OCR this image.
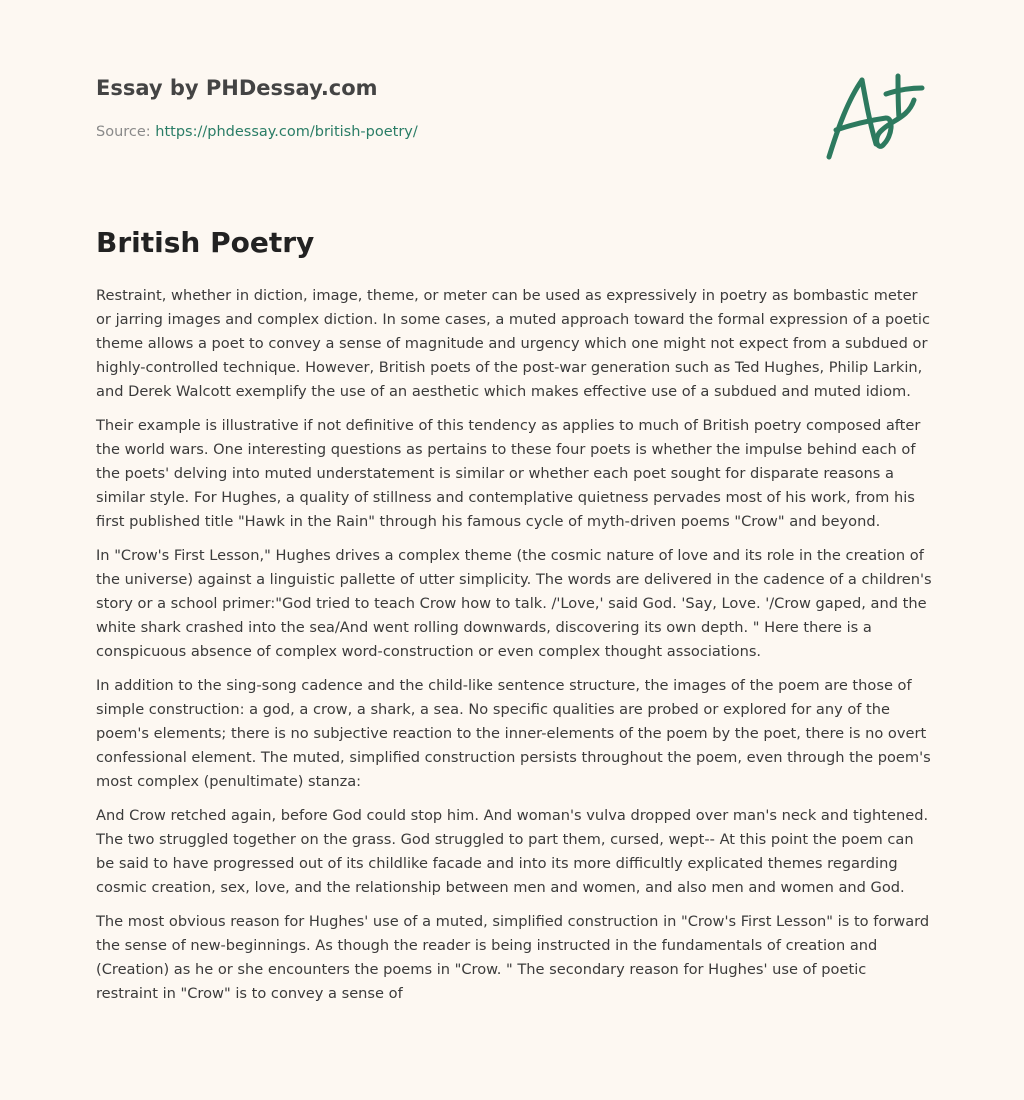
Essay by PHDessay.com
Source: https://phdessay.com/british-poetry/
British Poetry

Restraint, whether in diction, image, theme, or meter can be used as expressively in poetry as bombastic meter or jarring images and complex diction. In some cases, a muted approach toward the formal expression of a poetic theme allows a poet to convey a sense of magnitude and urgency which one might not expect from a subdued or highly-controlled technique. However, British poets of the post-war generation such as Ted Hughes, Philip Larkin, and Derek Walcott exemplify the use of an aesthetic which makes effective use of a subdued and muted idiom.

Their example is illustrative if not definitive of this tendency as applies to much of British poetry composed after the world wars. One interesting questions as pertains to these four poets is whether the impulse behind each of the poets' delving into muted understatement is similar or whether each poet sought for disparate reasons a similar style. For Hughes, a quality of stillness and contemplative quietness pervades most of his work, from his first published title "Hawk in the Rain" through his famous cycle of myth-driven poems "Crow" and beyond.

In "Crow's First Lesson," Hughes drives a complex theme (the cosmic nature of love and its role in the creation of the universe) against a linguistic pallette of utter simplicity. The words are delivered in the cadence of a children's story or a school primer:"God tried to teach Crow how to talk. /'Love,' said God. 'Say, Love. '/Crow gaped, and the white shark crashed into the sea/And went rolling downwards, discovering its own depth. " Here there is a conspicuous absence of complex word-construction or even complex thought associations.

In addition to the sing-song cadence and the child-like sentence structure, the images of the poem are those of simple construction: a god, a crow, a shark, a sea. No specific qualities are probed or explored for any of the poem's elements; there is no subjective reaction to the inner-elements of the poem by the poet, there is no overt confessional element. The muted, simplified construction persists throughout the poem, even through the poem's most complex (penultimate) stanza:

And Crow retched again, before God could stop him. And woman's vulva dropped over man's neck and tightened. The two struggled together on the grass. God struggled to part them, cursed, wept-- At this point the poem can be said to have progressed out of its childlike facade and into its more difficultly explicated themes regarding cosmic creation, sex, love, and the relationship between men and women, and also men and women and God.

The most obvious reason for Hughes' use of a muted, simplified construction in "Crow's First Lesson" is to forward the sense of new-beginnings. As though the reader is being instructed in the fundamentals of creation and (Creation) as he or she encounters the poems in "Crow. " The secondary reason for Hughes' use of poetic restraint in "Crow" is to convey a sense of
